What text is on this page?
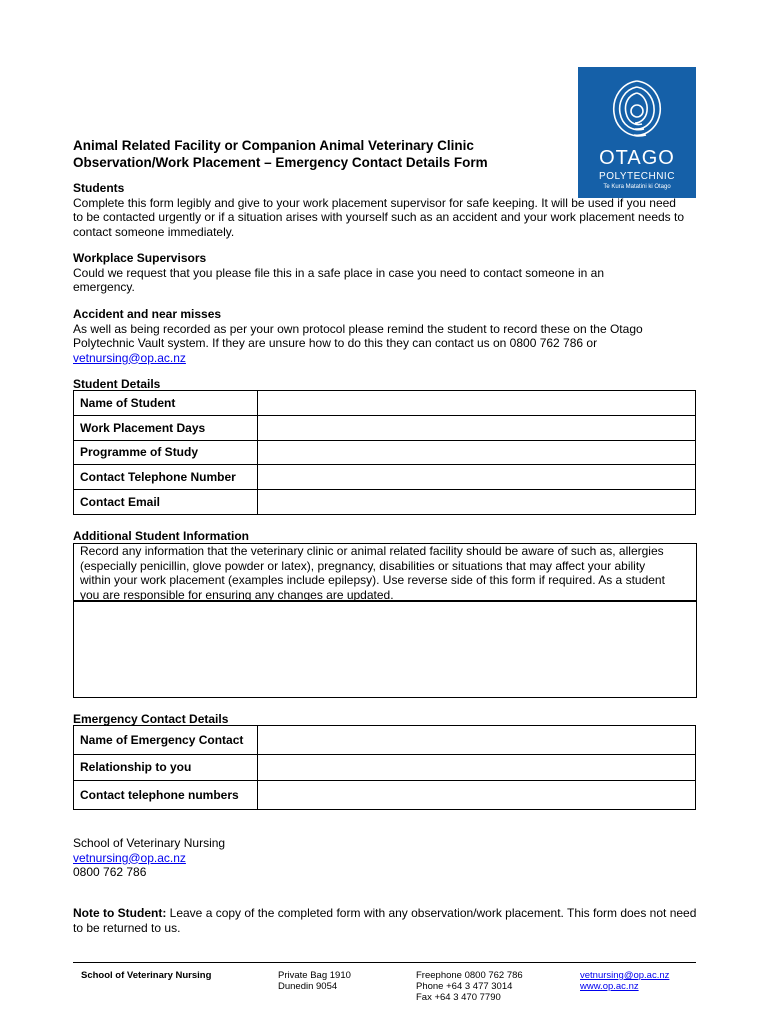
OTAGO
POLYTECHNIC
Te Kura Matatini ki Otago
Animal Related Facility or Companion Animal Veterinary Clinic
Observation/Work Placement – Emergency Contact Details Form
Students
Complete this form legibly and give to your work placement supervisor for safe keeping. It will be used if you need to be contacted urgently or if a situation arises with yourself such as an accident and your work placement needs to contact someone immediately.
Workplace Supervisors
Could we request that you please file this in a safe place in case you need to contact someone in an emergency.
Accident and near misses
As well as being recorded as per your own protocol please remind the student to record these on the Otago Polytechnic Vault system. If they are unsure how to do this they can contact us on 0800 762 786 or
vetnursing@op.ac.nz
Student Details
Name of Student	
Work Placement Days	
Programme of Study	
Contact Telephone Number	
Contact Email	
Additional Student Information
Record any information that the veterinary clinic or animal related facility should be aware of such as, allergies (especially penicillin, glove powder or latex), pregnancy, disabilities or situations that may affect your ability within your work placement (examples include epilepsy). Use reverse side of this form if required. As a student you are responsible for ensuring any changes are updated.
Emergency Contact Details
Name of Emergency Contact	
Relationship to you	
Contact telephone numbers	
School of Veterinary Nursing
vetnursing@op.ac.nz
0800 762 786
Note to Student: Leave a copy of the completed form with any observation/work placement. This form does not need to be returned to us.
School of Veterinary Nursing	Private Bag 1910
Dunedin 9054
Freephone 0800 762 786
Phone +64 3 477 3014
Fax +64 3 470 7790
vetnursing@op.ac.nz
www.op.ac.nz
